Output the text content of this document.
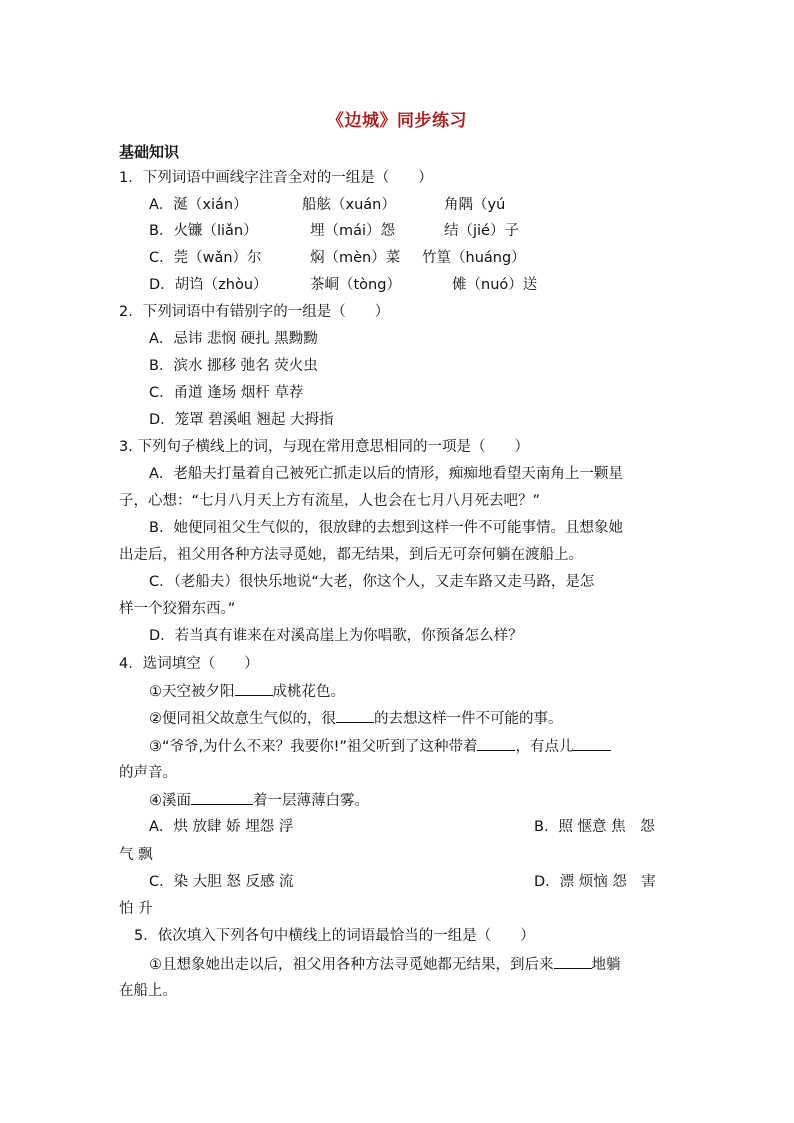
《边城》同步练习
基础知识
1．下列词语中画线字注音全对的一组是（　　）
A．涎（xián）	船舷（xuán）	角隅（yú
B．火镰（liǎn）	埋（mái）怨	结（jié）子
C．莞（wǎn）尔	焖（mèn）菜 竹篁（huáng）
D．胡诌（zhòu）	茶峒（tòng）	傩（nuó）送
2．下列词语中有错别字的一组是（　　）
A．忌讳 悲悯 硬扎 黑黝黝
B．滨水 挪移 弛名 荧火虫
C．甬道 逢场 烟杆 草荐
D．笼罩 碧溪岨 翘起 大拇指
3. 下列句子横线上的词，与现在常用意思相同的一项是（　　）
A．老船夫打量着自己被死亡抓走以后的情形，痴痴地看望天南角上一颗星
子，心想：“七月八月天上方有流星，人也会在七月八月死去吧？”
B．她便同祖父生气似的，很放肆的去想到这样一件不可能事情。且想象她
出走后，祖父用各种方法寻觅她，都无结果，到后无可奈何躺在渡船上。
C．（老船夫）很快乐地说“大老，你这个人，又走车路又走马路，是怎
样一个狡猾东西。”
D．若当真有谁来在对溪高崖上为你唱歌，你预备怎么样？
4．选词填空（　　）
①天空被夕阳	成桃花色。
②便同祖父故意生气似的，很	的去想这样一件不可能的事。
③“爷爷,为什么不来？我要你!”祖父听到了这种带着	，有点儿
的声音。
④溪面	着一层薄薄白雾。
A．烘 放肆 娇 埋怨 浮	B．照 惬意 焦　怨
气 飘
C．染 大胆 怒 反感 流	D．漂 烦恼 怨　害
怕 升
5．依次填入下列各句中横线上的词语最恰当的一组是（　　）
①且想象她出走以后，祖父用各种方法寻觅她都无结果，到后来	地躺
在船上。
